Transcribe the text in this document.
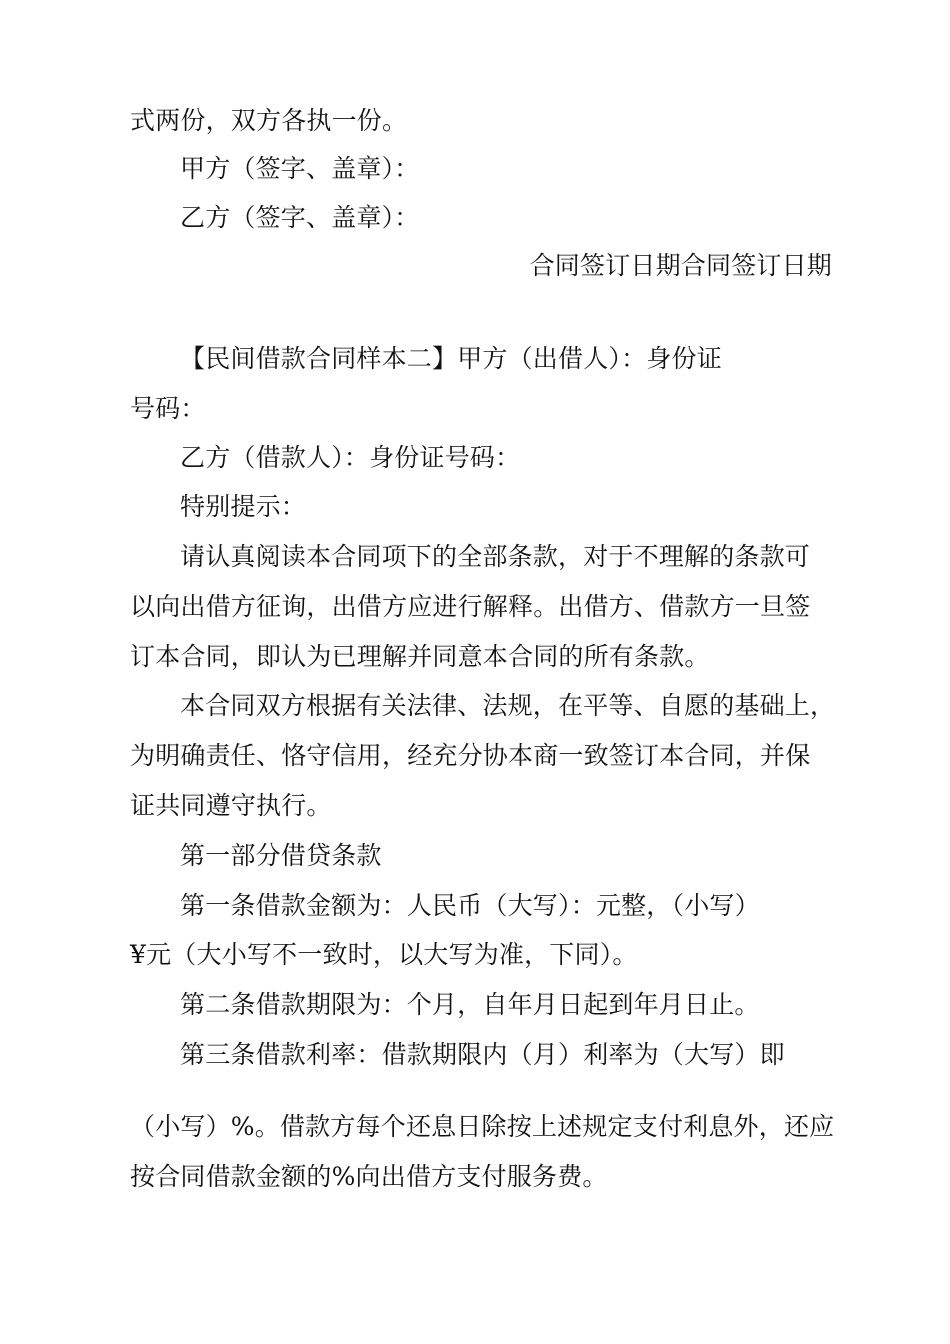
式两份，双方各执一份。
甲方（签字、盖章）：
乙方（签字、盖章）：
合同签订日期合同签订日期
【民间借款合同样本二】甲方（出借人）：身份证
号码：
乙方（借款人）：身份证号码：
特别提示：
请认真阅读本合同项下的全部条款，对于不理解的条款可
以向出借方征询，出借方应进行解释。出借方、借款方一旦签
订本合同，即认为已理解并同意本合同的所有条款。
本合同双方根据有关法律、法规，在平等、自愿的基础上，
为明确责任、恪守信用，经充分协本商一致签订本合同，并保
证共同遵守执行。
第一部分借贷条款
第一条借款金额为：人民币（大写）：元整，（小写）
¥元（大小写不一致时，以大写为准，下同）。
第二条借款期限为：个月，自年月日起到年月日止。
第三条借款利率：借款期限内（月）利率为（大写）即
（小写）%。借款方每个还息日除按上述规定支付利息外，还应
按合同借款金额的%向出借方支付服务费。
